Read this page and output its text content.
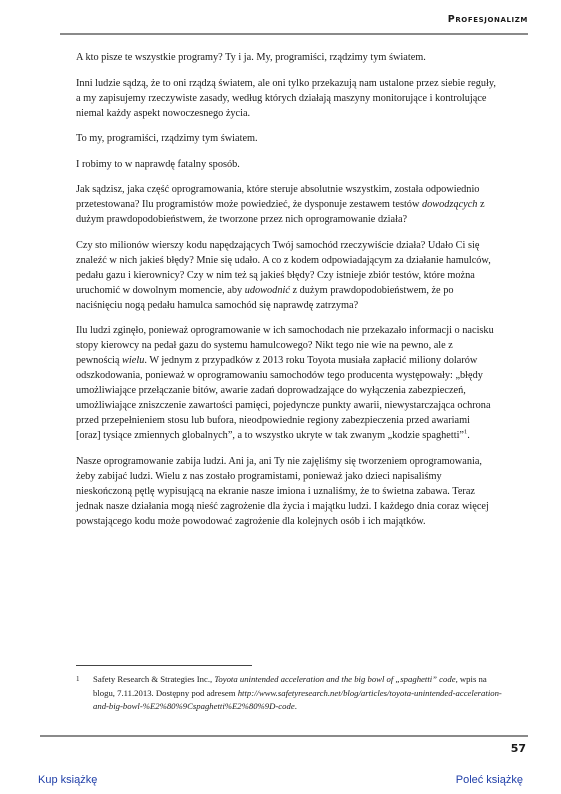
Profesjonalizm

A kto pisze te wszystkie programy? Ty i ja. My, programiści, rządzimy tym światem.

Inni ludzie sądzą, że to oni rządzą światem, ale oni tylko przekazują nam ustalone przez siebie reguły, a my zapisujemy rzeczywiste zasady, według których działają maszyny monitorujące i kontrolujące niemal każdy aspekt nowoczesnego życia.

To my, programiści, rządzimy tym światem.

I robimy to w naprawdę fatalny sposób.

Jak sądzisz, jaka część oprogramowania, które steruje absolutnie wszystkim, została odpowiednio przetestowana? Ilu programistów może powiedzieć, że dysponuje zestawem testów dowodzących z dużym prawdopodobieństwem, że tworzone przez nich oprogramowanie działa?

Czy sto milionów wierszy kodu napędzających Twój samochód rzeczywiście działa? Udało Ci się znaleźć w nich jakieś błędy? Mnie się udało. A co z kodem odpowiadającym za działanie hamulców, pedału gazu i kierownicy? Czy w nim też są jakieś błędy? Czy istnieje zbiór testów, które można uruchomić w dowolnym momencie, aby udowodnić z dużym prawdopodobieństwem, że po naciśnięciu nogą pedału hamulca samochód się naprawdę zatrzyma?

Ilu ludzi zginęło, ponieważ oprogramowanie w ich samochodach nie przekazało informacji o nacisku stopy kierowcy na pedał gazu do systemu hamulcowego? Nikt tego nie wie na pewno, ale z pewnością wielu. W jednym z przypadków z 2013 roku Toyota musiała zapłacić miliony dolarów odszkodowania, ponieważ w oprogramowaniu samochodów tego producenta występowały: „błędy umożliwiające przełączanie bitów, awarie zadań doprowadzające do wyłączenia zabezpieczeń, umożliwiające zniszczenie zawartości pamięci, pojedyncze punkty awarii, niewystarczająca ochrona przed przepełnieniem stosu lub bufora, nieodpowiednie regiony zabezpieczenia przed awariami [oraz] tysiące zmiennych globalnych”, a to wszystko ukryte w tak zwanym „kodzie spaghetti”$^1$.

Nasze oprogramowanie zabija ludzi. Ani ja, ani Ty nie zajęliśmy się tworzeniem oprogramowania, żeby zabijać ludzi. Wielu z nas zostało programistami, ponieważ jako dzieci napisaliśmy nieskończoną pętlę wypisującą na ekranie nasze imiona i uznaliśmy, że to świetna zabawa. Teraz jednak nasze działania mogą nieść zagrożenie dla życia i majątku ludzi. I każdego dnia coraz więcej powstającego kodu może powodować zagrożenie dla kolejnych osób i ich majątków.

1 Safety Research & Strategies Inc., Toyota unintended acceleration and the big bowl of „spaghetti” code, wpis na blogu, 7.11.2013. Dostępny pod adresem http://www.safetyresearch.net/blog/articles/toyota-unintended-acceleration-and-big-bowl-%E2%80%9Cspaghetti%E2%80%9D-code.
57
Kup książkę	Poleć książkę
